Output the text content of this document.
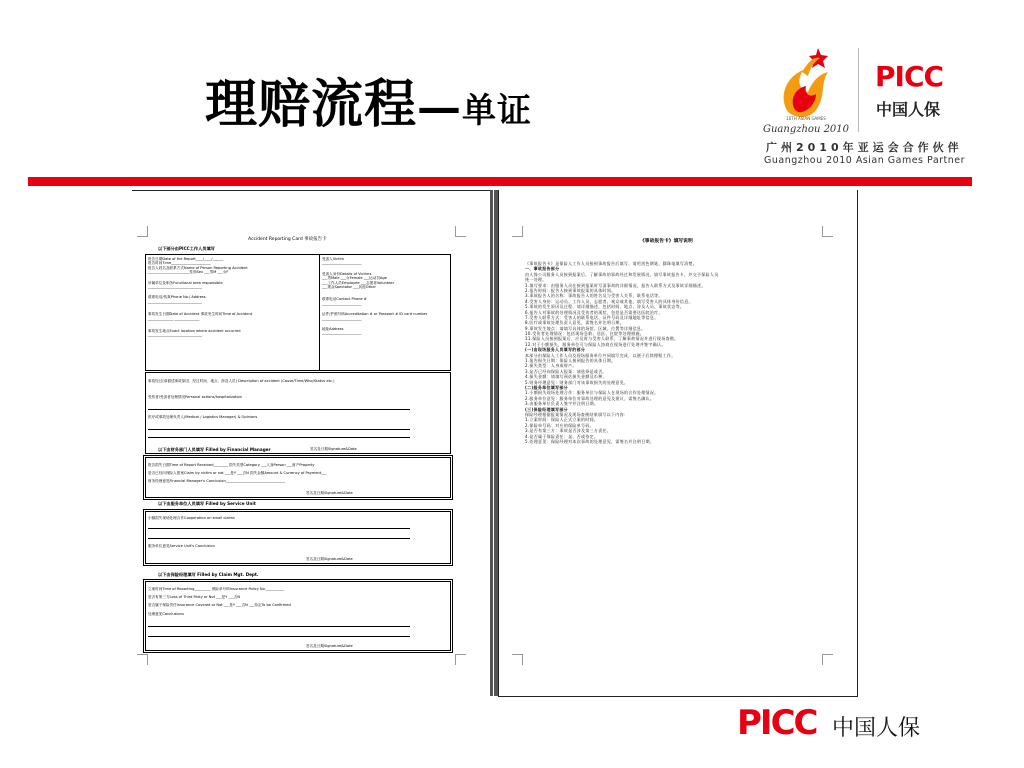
理赔流程—单证	16TH ASIAN GAMES
Guangzhou 2010
PICC
中国人保
广州2010年亚运会合作伙伴
Guangzhou 2010 Asian Games Partner
Accident Reporting Card 事故报告卡
以下部分由PICC工作人员填写
报告日期Date of the Report____/____/______
报告时间Time______________________
报告人姓名及联系方式Name of Person Reporting Accident
_______________________性别Sex ___男M ___女F
所属单位及职务Functional area responsible
______________________________
联系电话/传真Phone No./ Address
______________________________
事故发生日期Date of Accident 事故发生时间Time of Accident
______________ ______________
事故发生地点Exact location where accident occurred
______________________________
受害人Victim
______________________
受害人身份Details of Victims
___男Male ___女Female ___运动员Age
___工作人员Employee ___志愿者Volunteer
___观众Spectator ___其他Other
联系电话Contact Phone #
______________________
证件/护照号码Accreditation # or Passport # ID card number
______________________
地址Address
______________________
事故经过(请描述事故原因、经过时间、地点、涉及人员) Description of accident (Cause/Time/Who/Status etc.)
受伤者/受害者处理情况Personal actions/hospitalization
医疗或事故处理负责人(Medical / Logistics Manager) & Opinions
签名及日期Signature&Date
以下由财务部门人员填写 Filled by Financial Manager
报告损失日期Time of Report Received________ 损失类型Category ___人身Person ___财产Property
是否已经向保险人报案Claim by victim or not ___是Y ___否N 损失金额Amount & Currency of Payment___
财务经理意见Financial Manager's Conclusion_________________________________
签名及日期Signature&Date
以下由服务单位人员填写 Filled by Service Unit
小额损失现场处理合作Cooperation on small claims
服务单位意见Service Unit's Conclusion
签名及日期Signature&Date
以下由保险经理填写 Filled by Claim Mgt. Dept.
立案时间Time of Reporting_________ 保险单号码Insurance Policy No.__________
是否有第三方Loss of Third Party or Not ___是Y ___否N
是否属于保险责任Insurance Covered or Not ___是Y ___否N ___待定To be Confirmed
处理意见Conclusions
签名及日期Signature&Date
《事故报告卡》填写说明
《事故报告卡》是保险人工作人员接到事故报告后填写，请用黑色钢笔、圆珠笔填写清楚。
一、事故报告部分
由人保公司服务人员接到报案后，了解事故的事故经过和发展情况，填写事故报告卡，并交予保险人员
统一处理。
1.填写要求：由服务人员在接到报案时写清事故的详细情况，报告人联系方式及事故详细描述。
2.报告时间：报告人接到事故报案的具体时间。
3.事故报告人的名称：事故报告人的姓名及与受害人关系，联系电话等。
4.受害人身份：运动员、工作人员、志愿者、观众或其他，填写受害人的具体身份信息。
5.事故的发生原因及过程，请详细描述，包括时间、地点、涉及人员、事故状态等。
6.报告人对事故的处理情况及受伤者的现状，包括是否需要送医院治疗。
7.受害人联系方式：受害人的联系电话、证件号码及详细地址等信息。
8.医疗或事故处理负责人意见，需签名并注明日期。
9.事故发生地点：请填写具体的场馆、区域、位置等详细信息。
10.受伤者处理情况：包括现场急救、送医、住院等处理措施。
11.保险人员接到报案后，应及时与受害人联系，了解事故情况并进行现场查勘。
12.对于小额损失，服务单位可与保险人协商在现场进行处理并签字确认。
(一)由现场服务人员填写的部分
本部分由保险人工作人员及现场服务单位共同填写完成，以便于后续理赔工作。
1.报告损失日期：保险人接到报告的具体日期。
2.损失类型：人身或财产。
3.是否已经向保险人报案：请选择是或否。
4.损失金额：请填写预估损失金额及币种。
5.财务经理意见：财务部门对该事故损失的处理意见。
(二)服务单位填写部分
1.小额损失现场处理合作：服务单位与保险人在现场的合作处理情况。
2.服务单位意见：服务单位对事故处理的意见及建议，需签名确认。
3.由服务单位负责人签字并注明日期。
(三)保险经理填写部分
保险经理根据报案情况及现场查勘结果填写以下内容：
1.立案时间：保险人正式立案的时间。
2.保险单号码：对应的保险单号码。
3.是否有第三方：事故是否涉及第三方责任。
4.是否属于保险责任：是、否或待定。
5.处理意见：保险经理对本次事故的处理意见，需签名并注明日期。
PICC 中国人保
